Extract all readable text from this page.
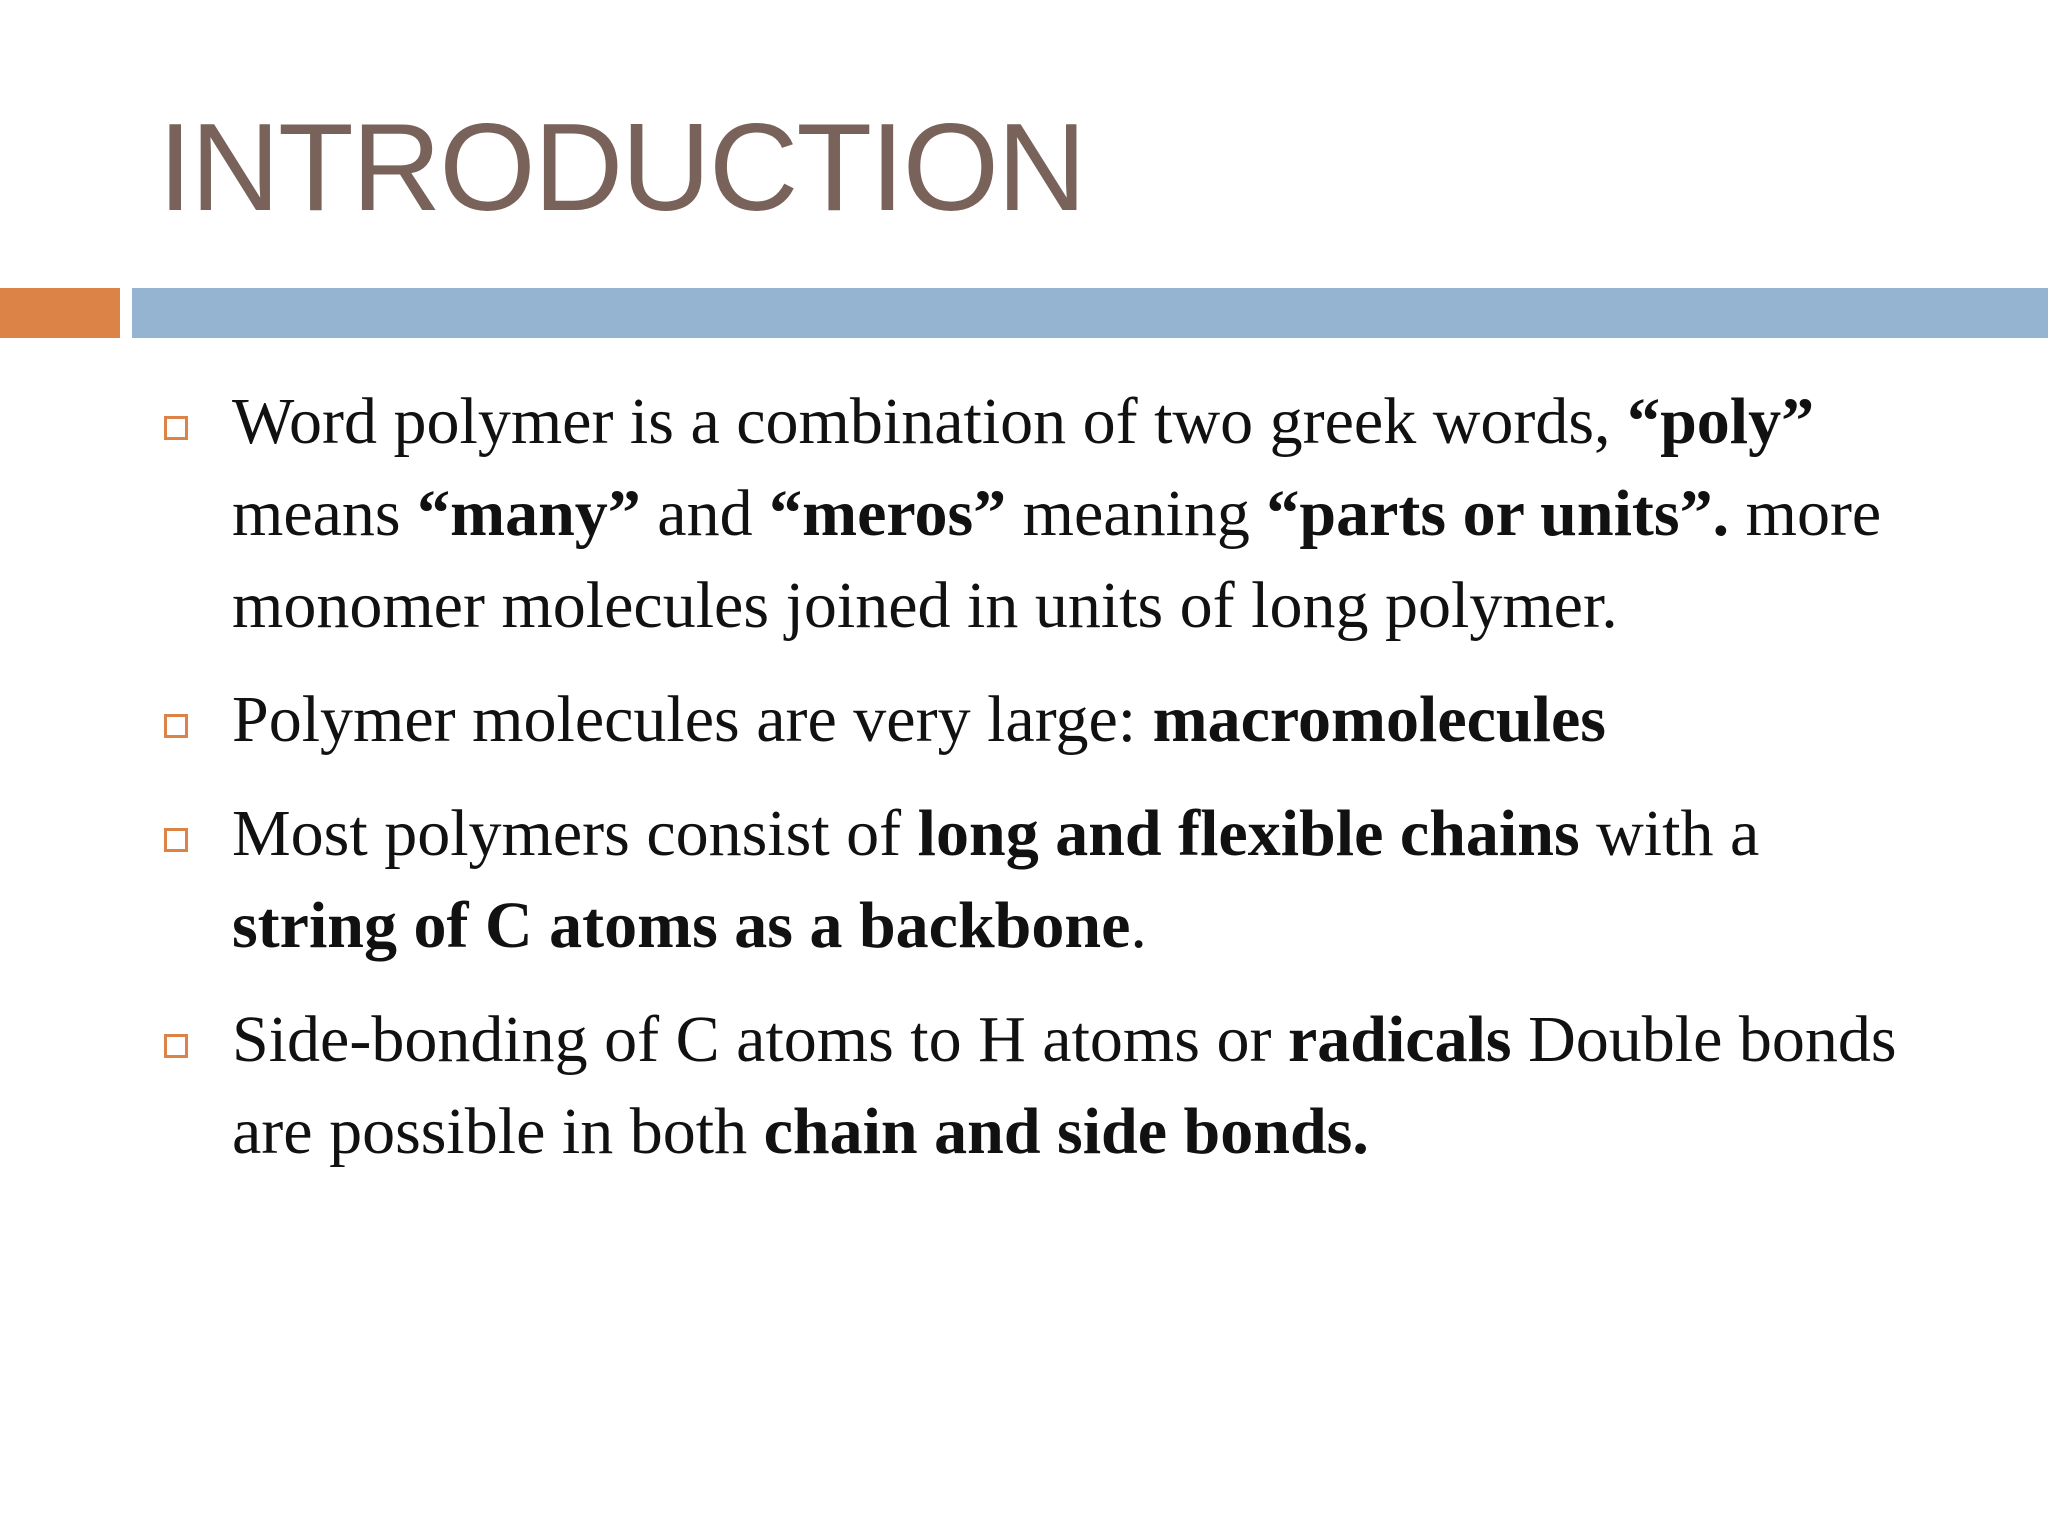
INTRODUCTION
Word polymer is a combination of two greek words, “poly” means “many” and “meros” meaning “parts or units”. more monomer molecules joined in units of long polymer.
Polymer molecules are very large: macromolecules
Most polymers consist of long and flexible chains with a string of C atoms as a backbone.
Side-bonding of C atoms to H atoms or radicals Double bonds are possible in both chain and side bonds.
